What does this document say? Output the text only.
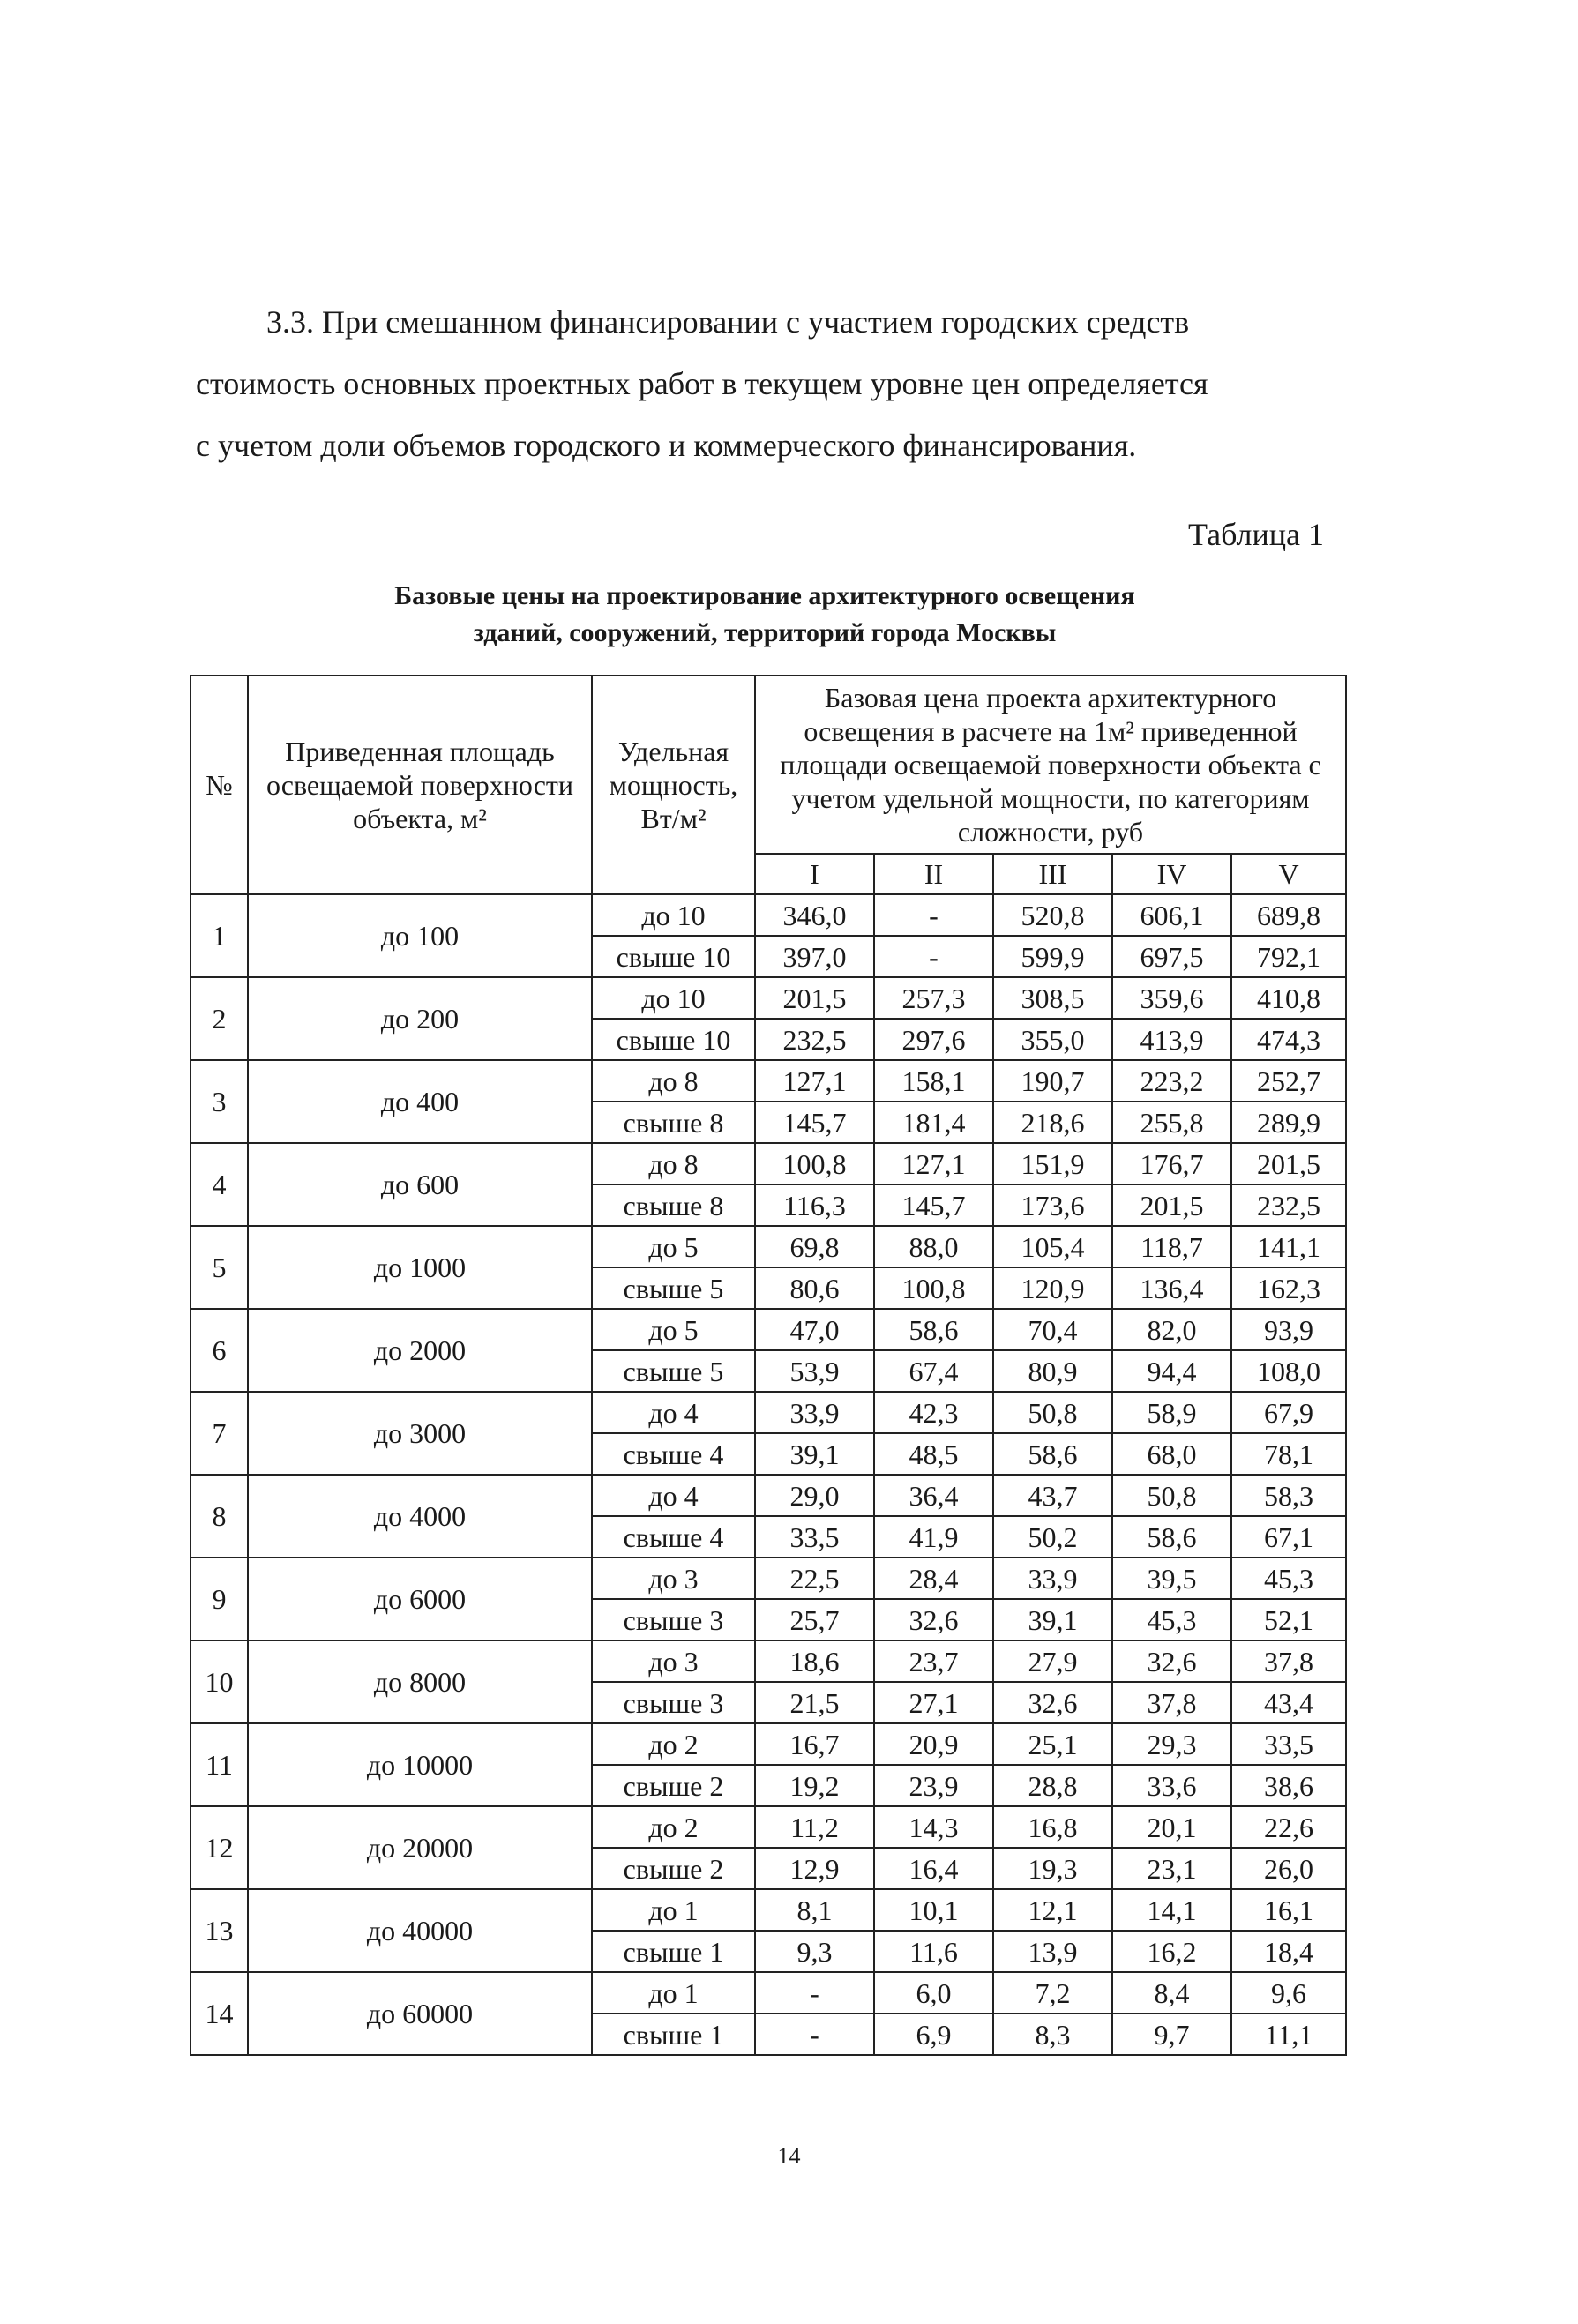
3.3. При смешанном финансировании с участием городских средств
стоимость основных проектных работ в текущем уровне цен определяется
с учетом доли объемов городского и коммерческого финансирования.

Таблица 1
Базовые цены на проектирование архитектурного освещения
зданий, сооружений, территорий города Москвы
№	Приведенная площадь освещаемой поверхности объекта, м²	Удельная мощность, Вт/м²	Базовая цена проекта архитектурного освещения в расчете на 1м² приведенной площади освещаемой поверхности объекта с учетом удельной мощности, по категориям сложности, руб				
			I	II	III	IV	V
1	до 100	до 10	346,0	-	520,8	606,1	689,8
		свыше 10	397,0	-	599,9	697,5	792,1
2	до 200	до 10	201,5	257,3	308,5	359,6	410,8
		свыше 10	232,5	297,6	355,0	413,9	474,3
3	до 400	до 8	127,1	158,1	190,7	223,2	252,7
		свыше 8	145,7	181,4	218,6	255,8	289,9
4	до 600	до 8	100,8	127,1	151,9	176,7	201,5
		свыше 8	116,3	145,7	173,6	201,5	232,5
5	до 1000	до 5	69,8	88,0	105,4	118,7	141,1
		свыше 5	80,6	100,8	120,9	136,4	162,3
6	до 2000	до 5	47,0	58,6	70,4	82,0	93,9
		свыше 5	53,9	67,4	80,9	94,4	108,0
7	до 3000	до 4	33,9	42,3	50,8	58,9	67,9
		свыше 4	39,1	48,5	58,6	68,0	78,1
8	до 4000	до 4	29,0	36,4	43,7	50,8	58,3
		свыше 4	33,5	41,9	50,2	58,6	67,1
9	до 6000	до 3	22,5	28,4	33,9	39,5	45,3
		свыше 3	25,7	32,6	39,1	45,3	52,1
10	до 8000	до 3	18,6	23,7	27,9	32,6	37,8
		свыше 3	21,5	27,1	32,6	37,8	43,4
11	до 10000	до 2	16,7	20,9	25,1	29,3	33,5
		свыше 2	19,2	23,9	28,8	33,6	38,6
12	до 20000	до 2	11,2	14,3	16,8	20,1	22,6
		свыше 2	12,9	16,4	19,3	23,1	26,0
13	до 40000	до 1	8,1	10,1	12,1	14,1	16,1
		свыше 1	9,3	11,6	13,9	16,2	18,4
14	до 60000	до 1	-	6,0	7,2	8,4	9,6
		свыше 1	-	6,9	8,3	9,7	11,1
14
